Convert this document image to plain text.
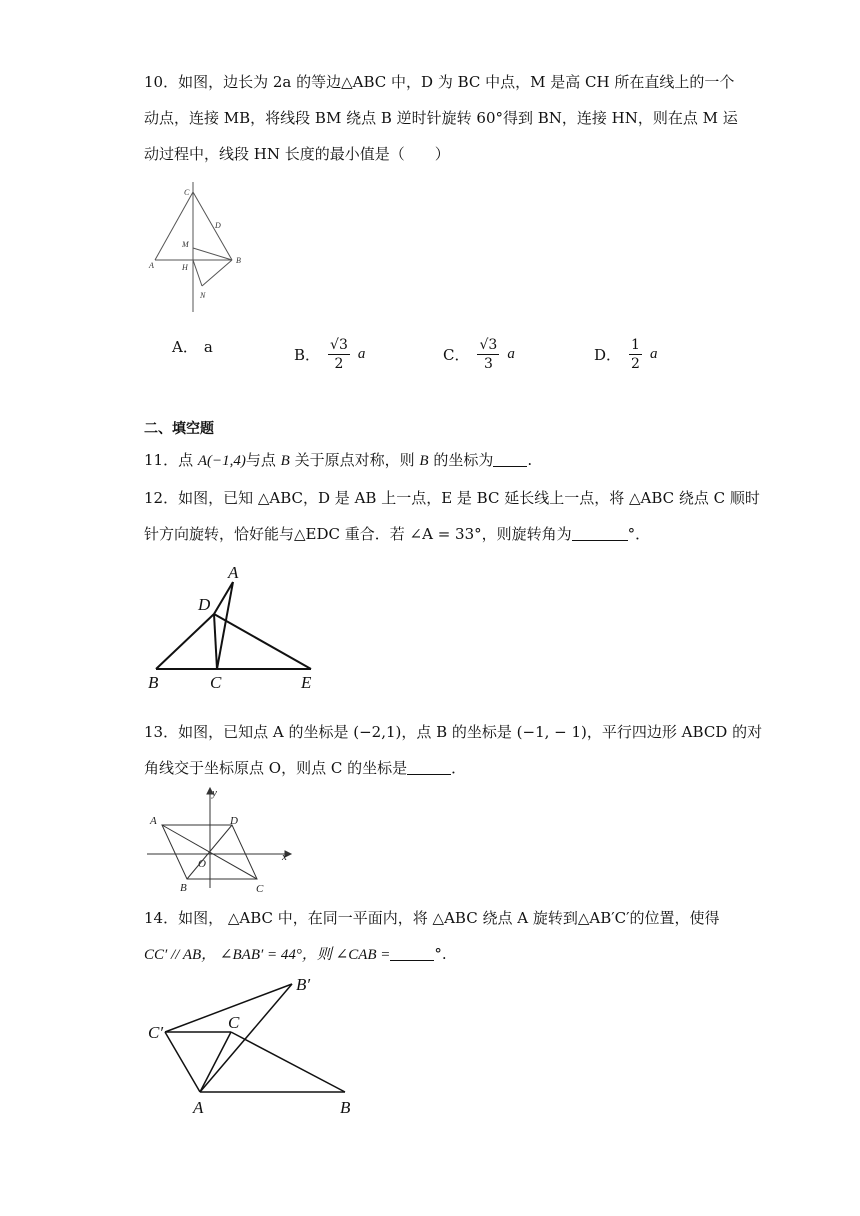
10．如图，边长为 2a 的等边△ABC 中，D 为 BC 中点，M 是高 CH 所在直线上的一个
动点，连接 MB，将线段 BM 绕点 B 逆时针旋转 60°得到 BN，连接 HN，则在点 M 运
动过程中，线段 HN 长度的最小值是（　　）
C
D
M
A	H
B
N
A． a	B． $\frac{√3}{2}$ a	C． $\frac{√3}{3}$ a	D． $\frac{1}{2}$ a
二、填空题
11．点 A(−1,4)与点 B 关于原点对称，则 B 的坐标为 .
12．如图，已知 △ABC，D 是 AB 上一点，E 是 BC 延长线上一点，将 △ABC 绕点 C 顺时
针方向旋转，恰好能与△EDC 重合．若 ∠A = 33°，则旋转角为	°．
A
D
B	C	E
13．如图，已知点 A 的坐标是 (−2,1)，点 B 的坐标是 (−1, − 1)，平行四边形 ABCD 的对
角线交于坐标原点 O，则点 C 的坐标是	．
y
x
A	D
O
B	C
14．如图， △ABC 中，在同一平面内，将 △ABC 绕点 A 旋转到△AB′C′的位置，使得
CC′ // AB， ∠BAB′ = 44°，则 ∠CAB =	°.
B′
C′
C
A	B
